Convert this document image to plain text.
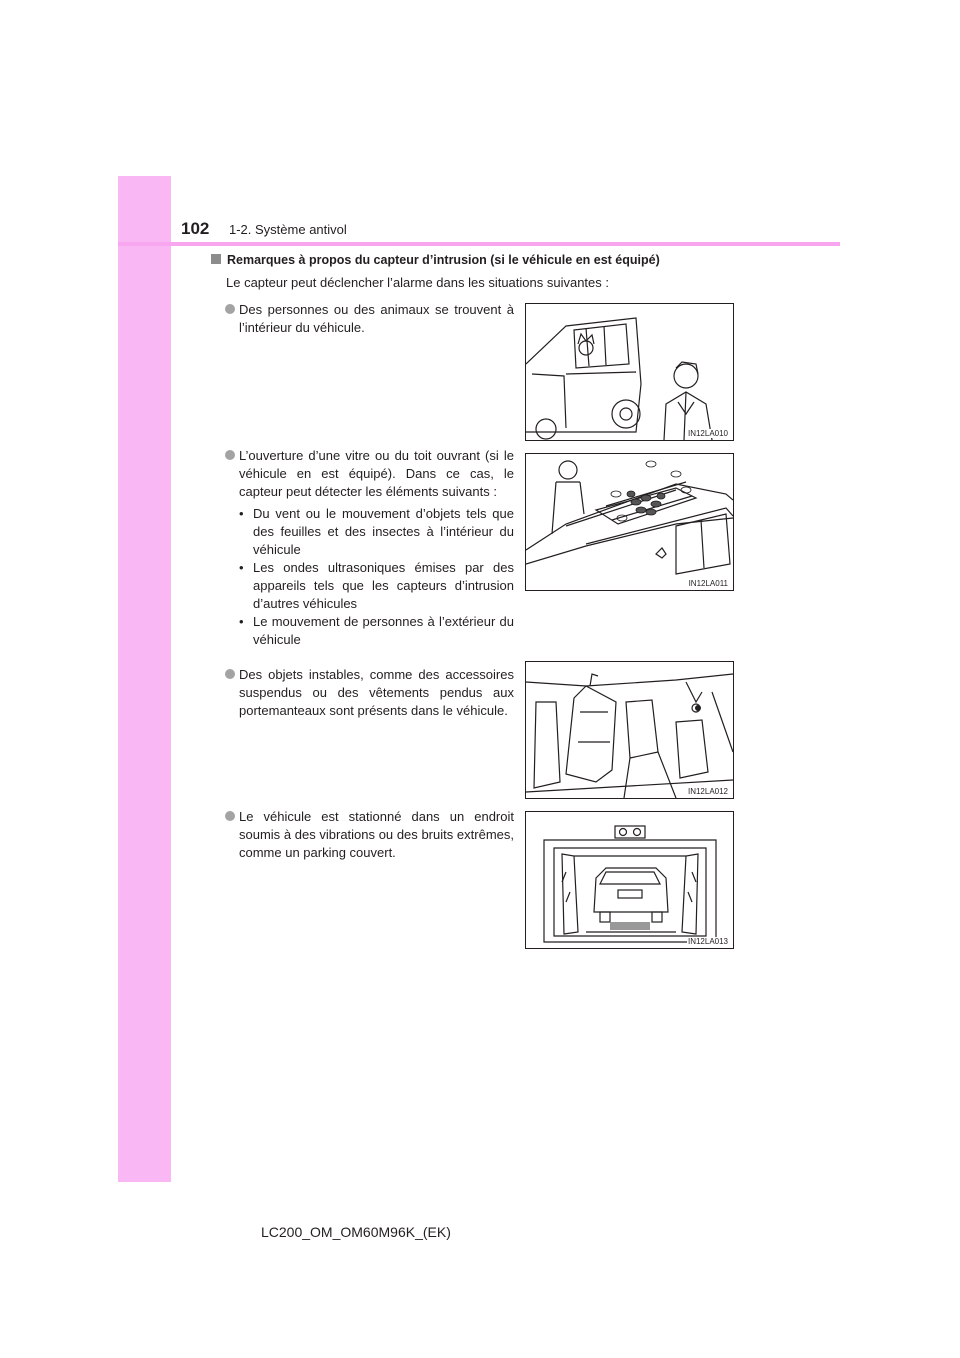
102 1-2. Système antivol
Remarques à propos du capteur d’intrusion (si le véhicule en est équipé)
Le capteur peut déclencher l’alarme dans les situations suivantes :
Des personnes ou des animaux se trouvent à l’intérieur du véhicule.
IN12LA010
L’ouverture d’une vitre ou du toit ouvrant (si le véhicule en est équipé). Dans ce cas, le capteur peut détecter les éléments suivants :
• Du vent ou le mouvement d’objets tels que des feuilles et des insectes à l’intérieur du véhicule
• Les ondes ultrasoniques émises par des appareils tels que les capteurs d’intrusion d’autres véhicules
• Le mouvement de personnes à l’extérieur du véhicule
IN12LA011
Des objets instables, comme des accessoires suspendus ou des vêtements pendus aux portemanteaux sont présents dans le véhicule.
IN12LA012
Le véhicule est stationné dans un endroit soumis à des vibrations ou des bruits extrêmes, comme un parking couvert.
IN12LA013
LC200_OM_OM60M96K_(EK)
